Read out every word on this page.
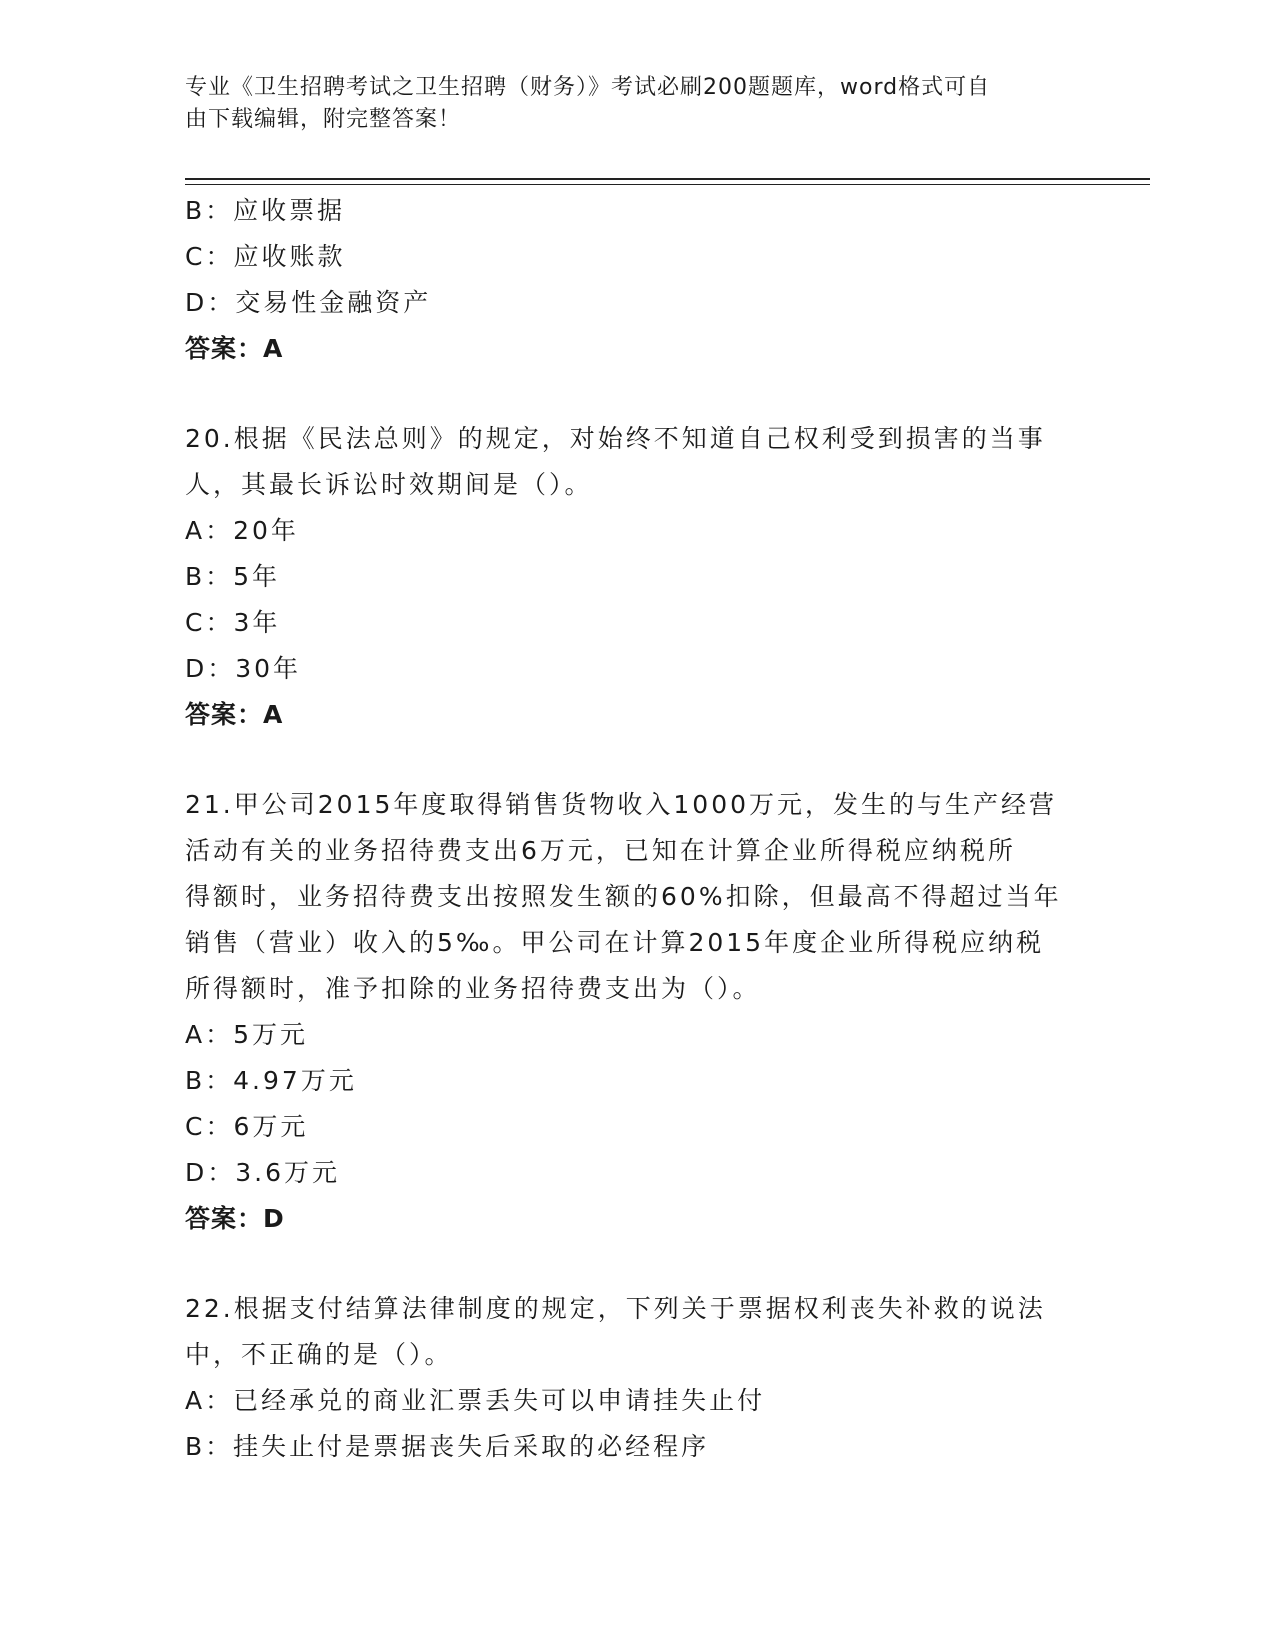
专业《卫生招聘考试之卫生招聘（财务）》考试必刷200题题库，word格式可自
由下载编辑，附完整答案！
B：应收票据
C：应收账款
D：交易性金融资产
答案：A
20.根据《民法总则》的规定，对始终不知道自己权利受到损害的当事
人，其最长诉讼时效期间是（）。
A：20年
B：5年
C：3年
D：30年
答案：A
21.甲公司2015年度取得销售货物收入1000万元，发生的与生产经营
活动有关的业务招待费支出6万元，已知在计算企业所得税应纳税所
得额时，业务招待费支出按照发生额的60%扣除，但最高不得超过当年
销售（营业）收入的5‰。甲公司在计算2015年度企业所得税应纳税
所得额时，准予扣除的业务招待费支出为（）。
A：5万元
B：4.97万元
C：6万元
D：3.6万元
答案：D
22.根据支付结算法律制度的规定，下列关于票据权利丧失补救的说法
中，不正确的是（）。
A：已经承兑的商业汇票丢失可以申请挂失止付
B：挂失止付是票据丧失后采取的必经程序
